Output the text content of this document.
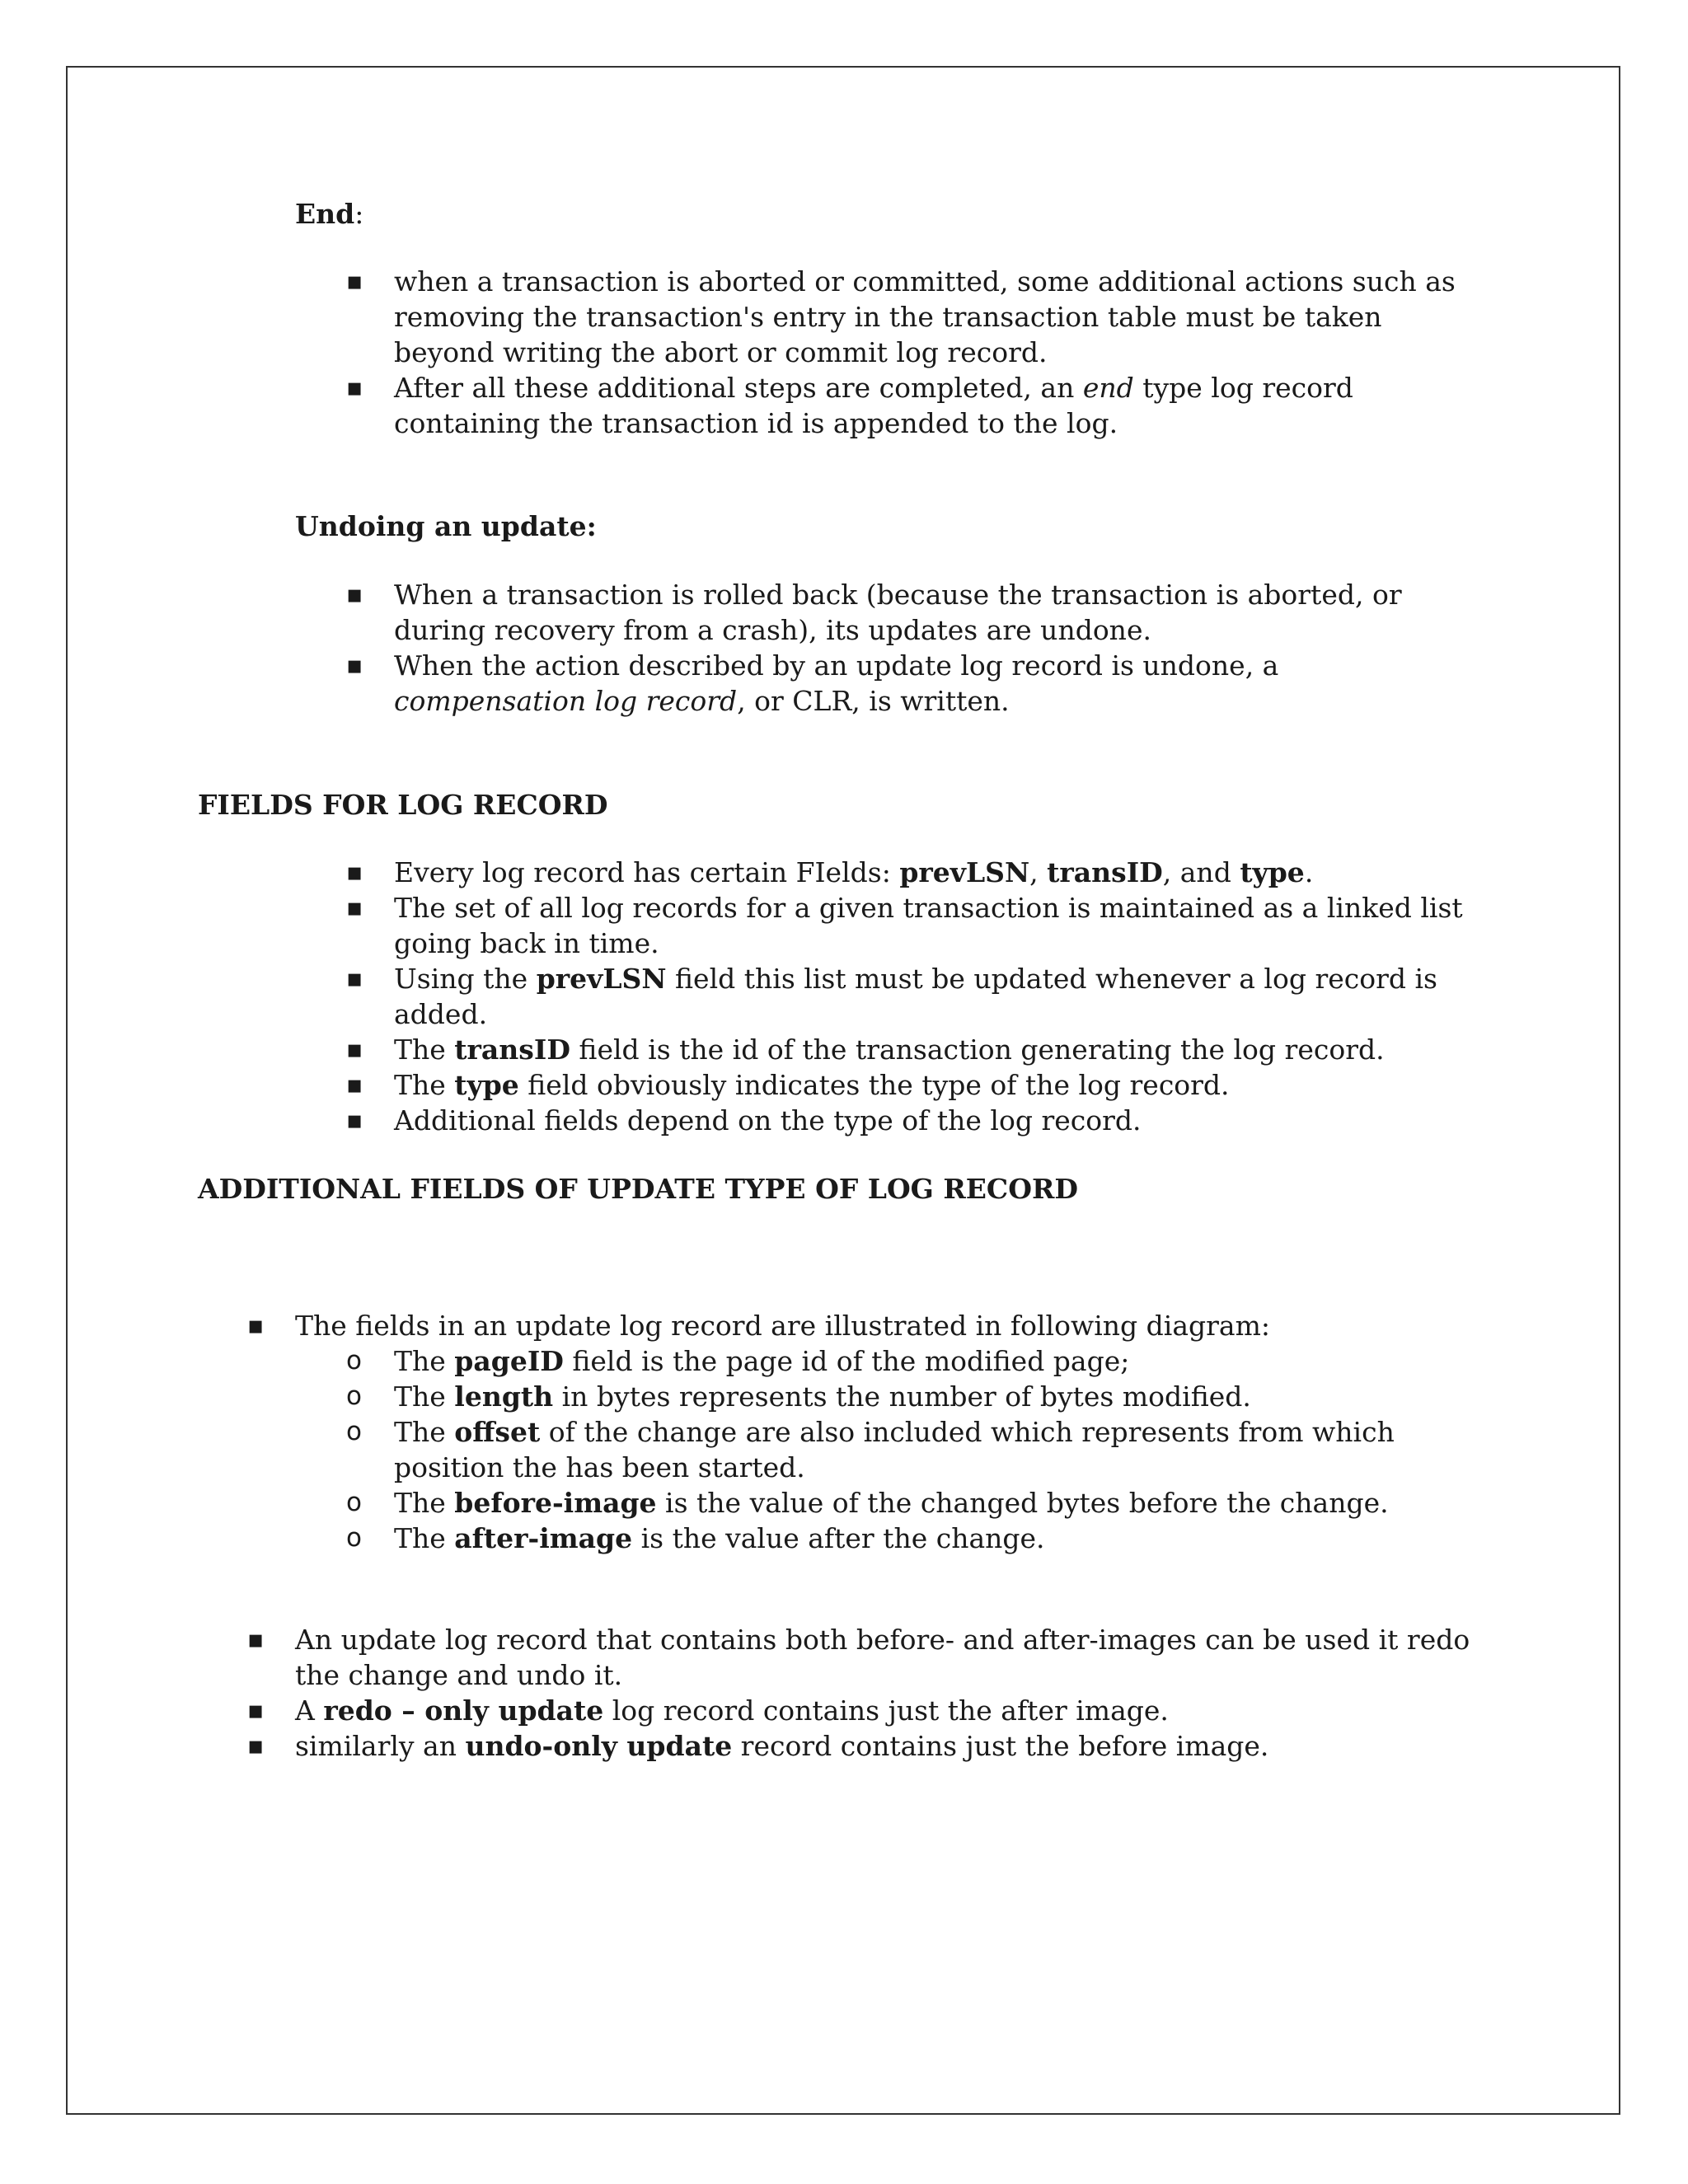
End:

▪ when a transaction is aborted or committed, some additional actions such as removing the transaction's entry in the transaction table must be taken beyond writing the abort or commit log record.
▪ After all these additional steps are completed, an end type log record containing the transaction id is appended to the log.

Undoing an update:

▪ When a transaction is rolled back (because the transaction is aborted, or during recovery from a crash), its updates are undone.
▪ When the action described by an update log record is undone, a compensation log record, or CLR, is written.

FIELDS FOR LOG RECORD

▪ Every log record has certain FIelds: prevLSN, transID, and type.
▪ The set of all log records for a given transaction is maintained as a linked list going back in time.
▪ Using the prevLSN field this list must be updated whenever a log record is added.
▪ The transID field is the id of the transaction generating the log record.
▪ The type field obviously indicates the type of the log record.
▪ Additional fields depend on the type of the log record.

ADDITIONAL FIELDS OF UPDATE TYPE OF LOG RECORD

▪ The fields in an update log record are illustrated in following diagram:
o The pageID field is the page id of the modified page;
o The length in bytes represents the number of bytes modified.
o The offset of the change are also included which represents from which position the has been started.
o The before-image is the value of the changed bytes before the change.
o The after-image is the value after the change.
▪ An update log record that contains both before- and after-images can be used it redo the change and undo it.
▪ A redo – only update log record contains just the after image.
▪ similarly an undo-only update record contains just the before image.
